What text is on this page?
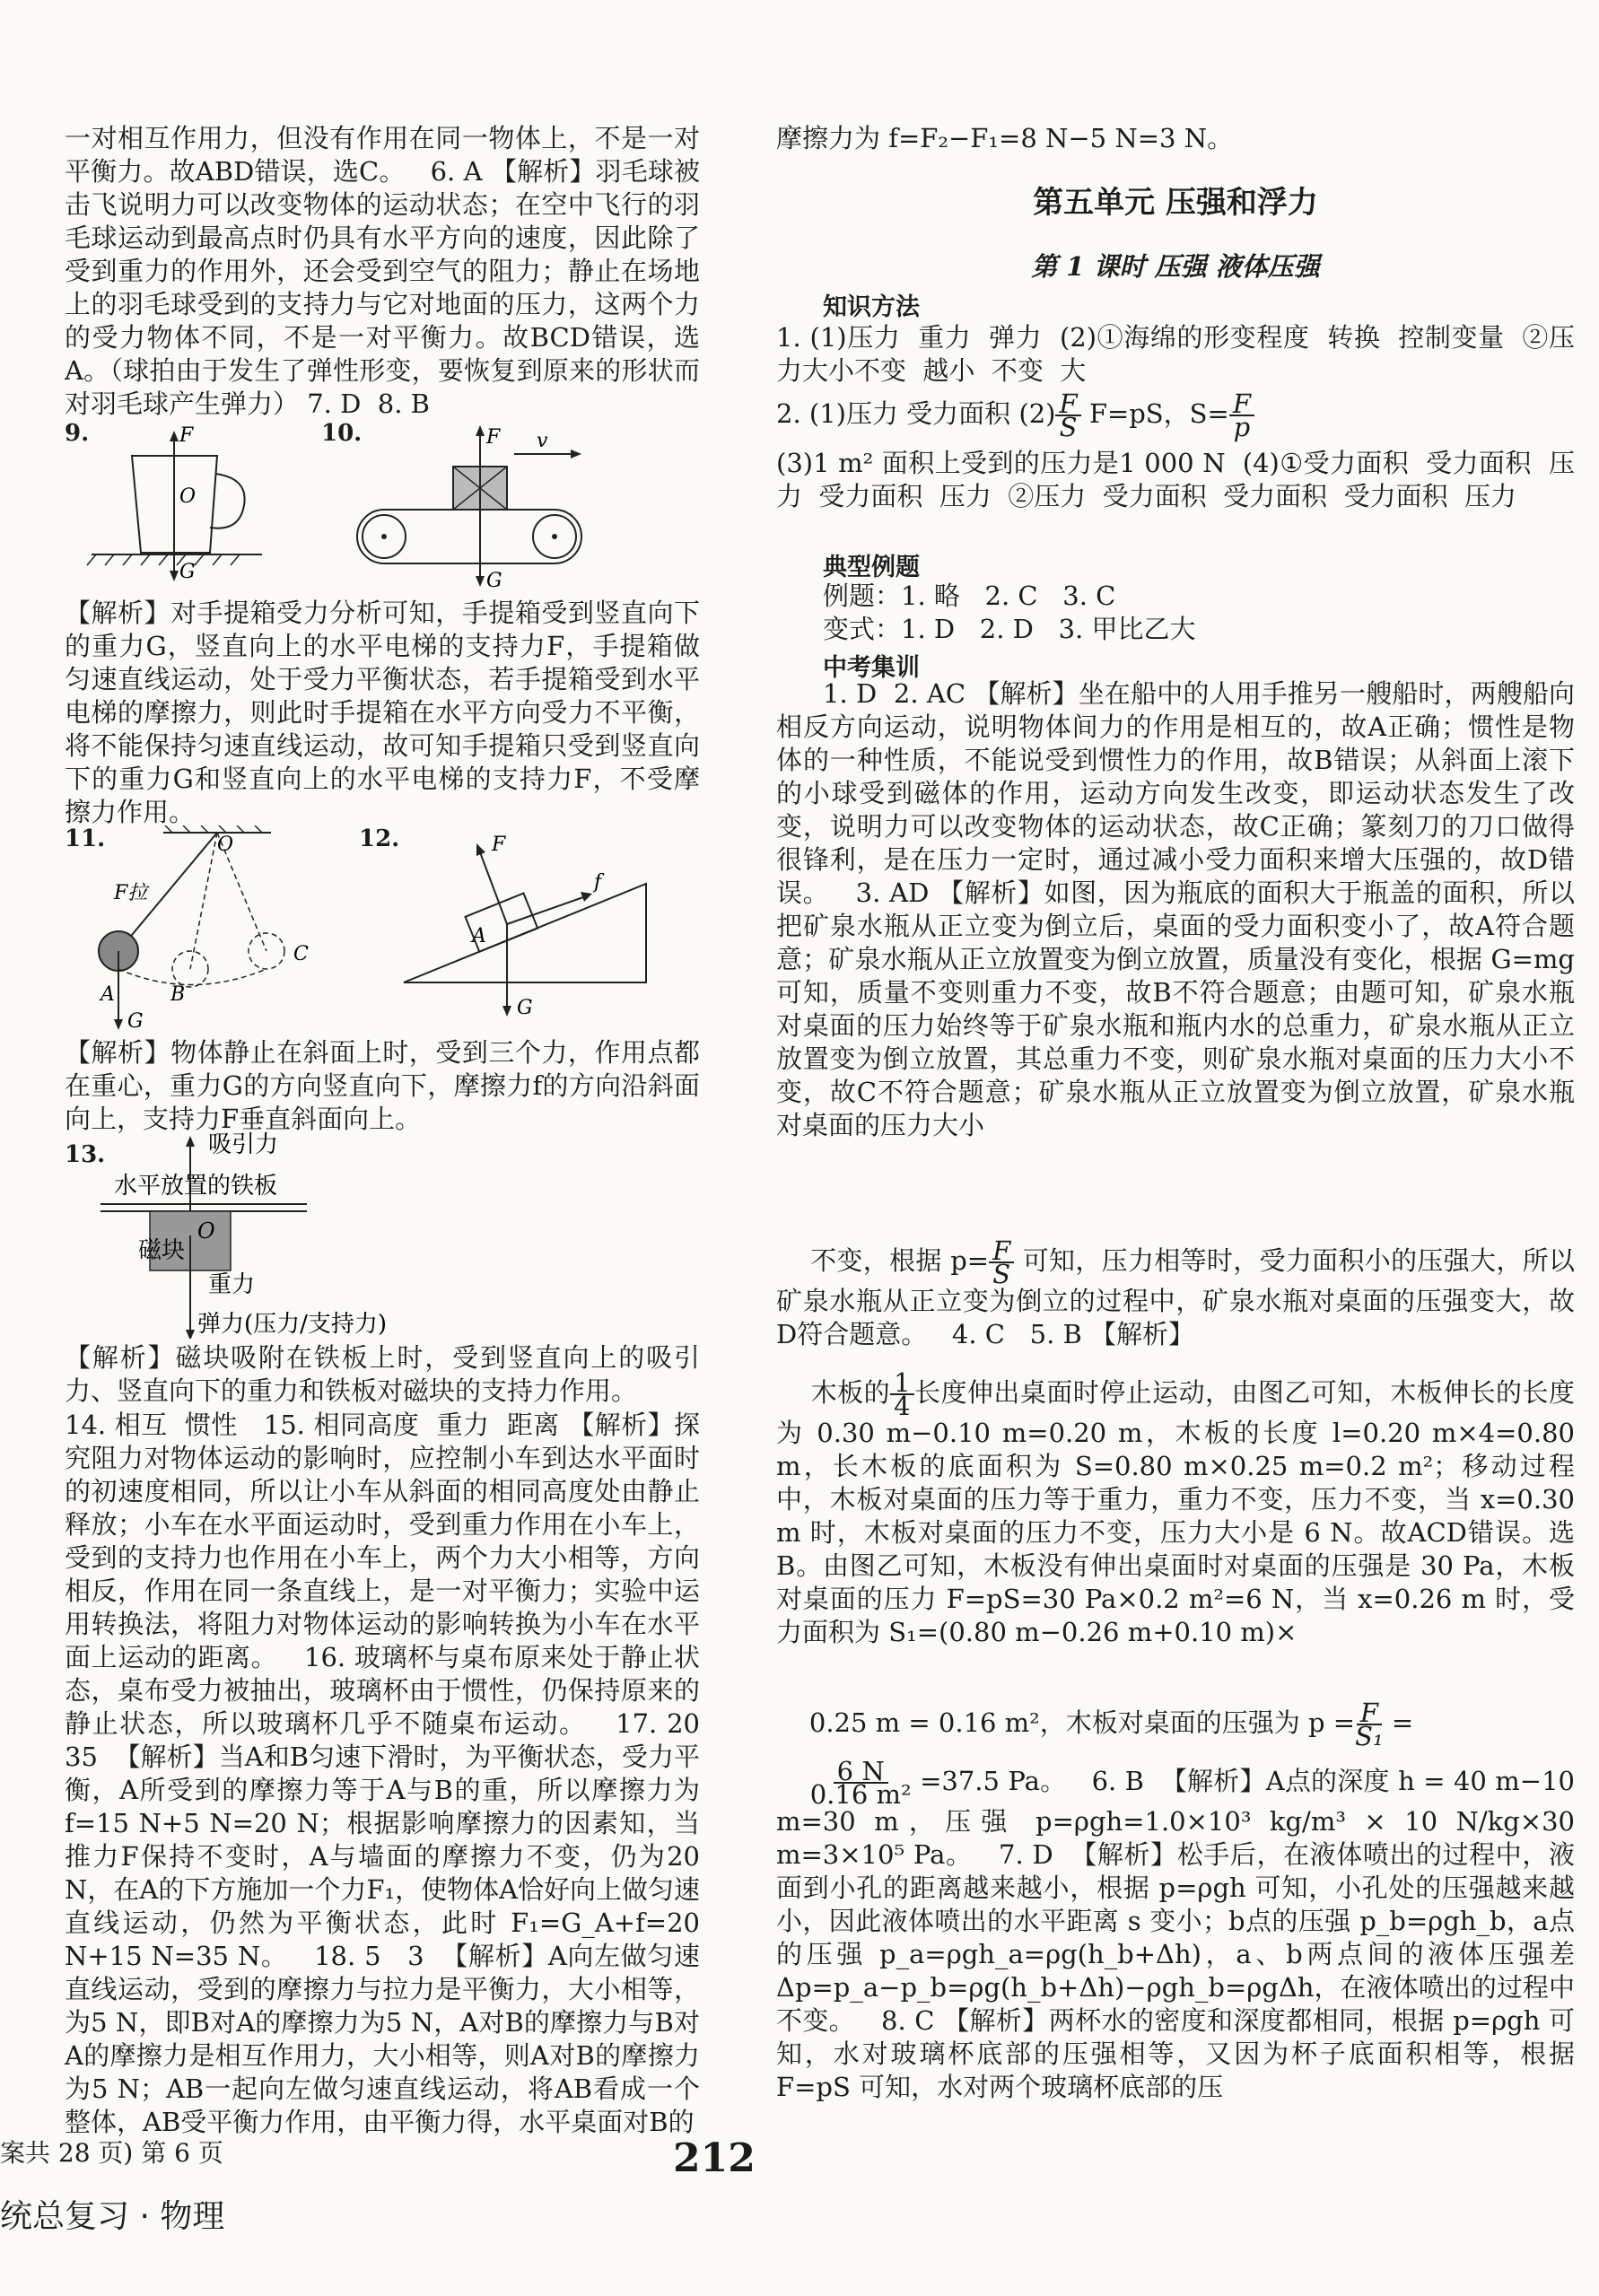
一对相互作用力，但没有作用在同一物体上，不是一对平衡力。故ABD错误，选C。   6. A 【解析】羽毛球被击飞说明力可以改变物体的运动状态；在空中飞行的羽毛球运动到最高点时仍具有水平方向的速度，因此除了受到重力的作用外，还会受到空气的阻力；静止在场地上的羽毛球受到的支持力与它对地面的压力，这两个力的受力物体不同，不是一对平衡力。故BCD错误，选A。（球拍由于发生了弹性形变，要恢复到原来的形状而对羽毛球产生弹力） 7. D  8. B

9.	F
O
G
10.	F v
G

【解析】对手提箱受力分析可知，手提箱受到竖直向下的重力G，竖直向上的水平电梯的支持力F，手提箱做匀速直线运动，处于受力平衡状态，若手提箱受到水平电梯的摩擦力，则此时手提箱在水平方向受力不平衡，将不能保持匀速直线运动，故可知手提箱只受到竖直向下的重力G和竖直向上的水平电梯的支持力F，不受摩擦力作用。

11.	O
F拉
A	B
C
G
12.	F
f
A
G

【解析】物体静止在斜面上时，受到三个力，作用点都在重心，重力G的方向竖直向下，摩擦力f的方向沿斜面向上，支持力F垂直斜面向上。

13.	吸引力
水平放置的铁板
磁块
O
重力
弹力(压力/支持力)

【解析】磁块吸附在铁板上时，受到竖直向上的吸引力、竖直向下的重力和铁板对磁块的支持力作用。

14. 相互  惯性   15. 相同高度  重力  距离 【解析】探究阻力对物体运动的影响时，应控制小车到达水平面时的初速度相同，所以让小车从斜面的相同高度处由静止释放；小车在水平面运动时，受到重力作用在小车上，受到的支持力也作用在小车上，两个力大小相等，方向相反，作用在同一条直线上，是一对平衡力；实验中运用转换法，将阻力对物体运动的影响转换为小车在水平面上运动的距离。   16. 玻璃杯与桌布原来处于静止状态，桌布受力被抽出，玻璃杯由于惯性，仍保持原来的静止状态，所以玻璃杯几乎不随桌布运动。   17. 20   35  【解析】当A和B匀速下滑时，为平衡状态，受力平衡，A所受到的摩擦力等于A与B的重，所以摩擦力为 f=15 N+5 N=20 N；根据影响摩擦力的因素知，当推力F保持不变时，A与墙面的摩擦力不变，仍为20 N，在A的下方施加一个力F₁，使物体A恰好向上做匀速直线运动，仍然为平衡状态，此时 F₁=G_A+f=20 N+15 N=35 N。   18. 5   3  【解析】A向左做匀速直线运动，受到的摩擦力与拉力是平衡力，大小相等，为5 N，即B对A的摩擦力为5 N，A对B的摩擦力与B对A的摩擦力是相互作用力，大小相等，则A对B的摩擦力为5 N；AB一起向左做匀速直线运动，将AB看成一个整体，AB受平衡力作用，由平衡力得，水平桌面对B的

摩擦力为 f=F₂−F₁=8 N−5 N=3 N。

第五单元 压强和浮力
第 1 课时 压强 液体压强
知识方法

1. (1)压力  重力  弹力  (2)①海绵的形变程度  转换  控制变量  ②压力大小不变  越小  不变  大

2. (1)压力 受力面积 $(2) \frac{F}{S} F=pS$，$S= \frac{F}{p}$

(3)1 m² 面积上受到的压力是1 000 N  (4)①受力面积  受力面积  压力  受力面积  压力  ②压力  受力面积  受力面积  受力面积  压力

典型例题

例题：1. 略   2. C   3. C

变式：1. D   2. D   3. 甲比乙大

中考集训

1. D  2. AC 【解析】坐在船中的人用手推另一艘船时，两艘船向相反方向运动，说明物体间力的作用是相互的，故A正确；惯性是物体的一种性质，不能说受到惯性力的作用，故B错误；从斜面上滚下的小球受到磁体的作用，运动方向发生改变，即运动状态发生了改变，说明力可以改变物体的运动状态，故C正确；篆刻刀的刀口做得很锋利，是在压力一定时，通过减小受力面积来增大压强的，故D错误。   3. AD 【解析】如图，因为瓶底的面积大于瓶盖的面积，所以把矿泉水瓶从正立变为倒立后，桌面的受力面积变小了，故A符合题意；矿泉水瓶从正立放置变为倒立放置，质量没有变化，根据 G=mg 可知，质量不变则重力不变，故B不符合题意；由题可知，矿泉水瓶对桌面的压力始终等于矿泉水瓶和瓶内水的总重力，矿泉水瓶从正立放置变为倒立放置，其总重力不变，则矿泉水瓶对桌面的压力大小不变，故C不符合题意；矿泉水瓶从正立放置变为倒立放置，矿泉水瓶对桌面的压力大小

不变，根据 $p= \frac{F}{S}$ 可知，压力相等时，受力面积小的压强大，所以矿泉水瓶从正立变为倒立的过程中，矿泉水瓶对桌面的压强变大，故D符合题意。   4. C   5. B 【解析】

木板的 $\frac{1}{4}$ 长度伸出桌面时停止运动，由图乙可知，木板伸长的长度为 0.30 m−0.10 m=0.20 m，木板的长度 l=0.20 m×4=0.80 m，长木板的底面积为 S=0.80 m×0.25 m=0.2 m²；移动过程中，木板对桌面的压力等于重力，重力不变，压力不变，当 x=0.30 m 时，木板对桌面的压力不变，压力大小是 6 N。故ACD错误。选B。由图乙可知，木板没有伸出桌面时对桌面的压强是 30 Pa，木板对桌面的压力 F=pS=30 Pa×0.2 m²=6 N，当 x=0.26 m 时，受力面积为 S₁=(0.80 m−0.26 m+0.10 m)×

0.25 m = 0.16 m²，木板对桌面的压强为 $p = \frac{F}{\text{S₁}}$ =

$\frac{6 N}{\text{0.16 m²}} =37.5$ Pa。   6. B  【解析】A点的深度 h = 40 m−10 m=30 m，压强 p=ρgh=1.0×10³ kg/m³ × 10 N/kg×30 m=3×10⁵ Pa。   7. D  【解析】松手后，在液体喷出的过程中，液面到小孔的距离越来越小，根据 p=ρgh 可知，小孔处的压强越来越小，因此液体喷出的水平距离 s 变小；b点的压强 p_b=ρgh_b，a点的压强 p_a=ρgh_a=ρg(h_b+Δh)，a、b两点间的液体压强差 Δp=p_a−p_b=ρg(h_b+Δh)−ρgh_b=ρgΔh，在液体喷出的过程中不变。   8. C 【解析】两杯水的密度和深度都相同，根据 p=ρgh 可知，水对玻璃杯底部的压强相等，又因为杯子底面积相等，根据 F=pS 可知，水对两个玻璃杯底部的压

案共 28 页) 第 6 页	212
统总复习 · 物理
